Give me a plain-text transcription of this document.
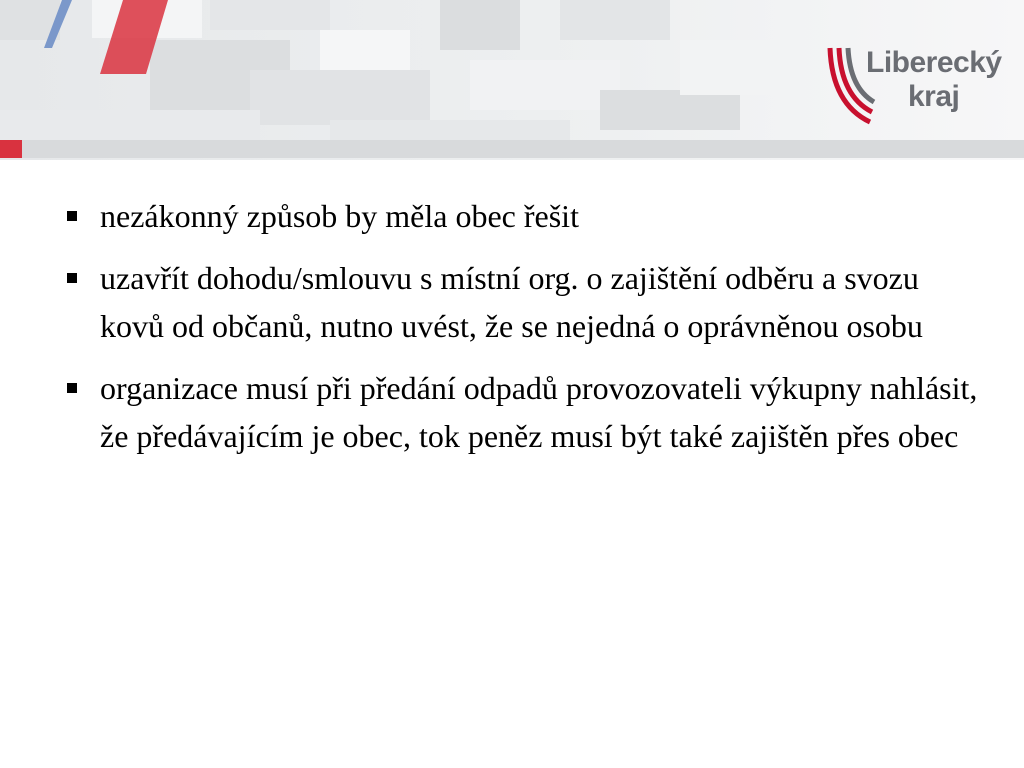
Liberecký
kraj
nezákonný způsob by měla obec řešit
uzavřít dohodu/smlouvu s místní org. o zajištění odběru a svozu kovů od občanů, nutno uvést, že se nejedná o oprávněnou osobu
organizace musí při předání odpadů provozovateli výkupny nahlásit, že předávajícím je obec, tok peněz musí být také zajištěn přes obec
